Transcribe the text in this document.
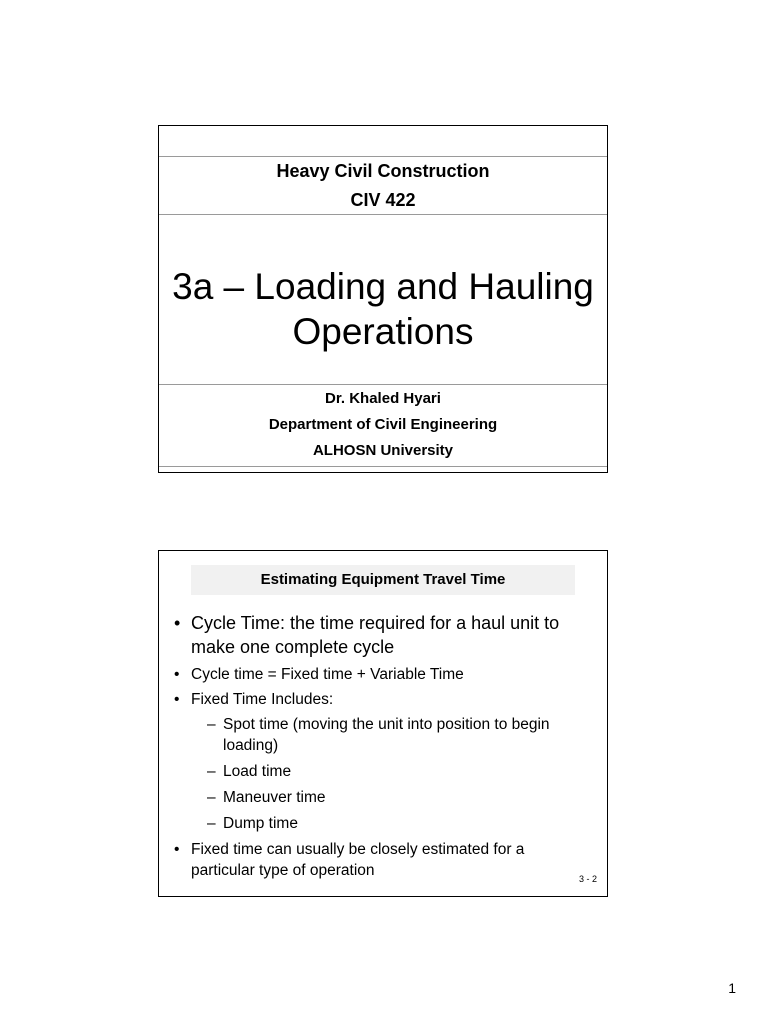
Heavy Civil Construction
CIV 422
3a – Loading and Hauling
Operations
Dr. Khaled Hyari
Department of Civil Engineering
ALHOSN University
Estimating Equipment Travel Time
• Cycle Time: the time required for a haul unit to make one complete cycle
• Cycle time = Fixed time + Variable Time
• Fixed Time Includes:
– Spot time (moving the unit into position to begin loading)
– Load time
– Maneuver time
– Dump time
• Fixed time can usually be closely estimated for a particular type of operation	3 - 2
1
